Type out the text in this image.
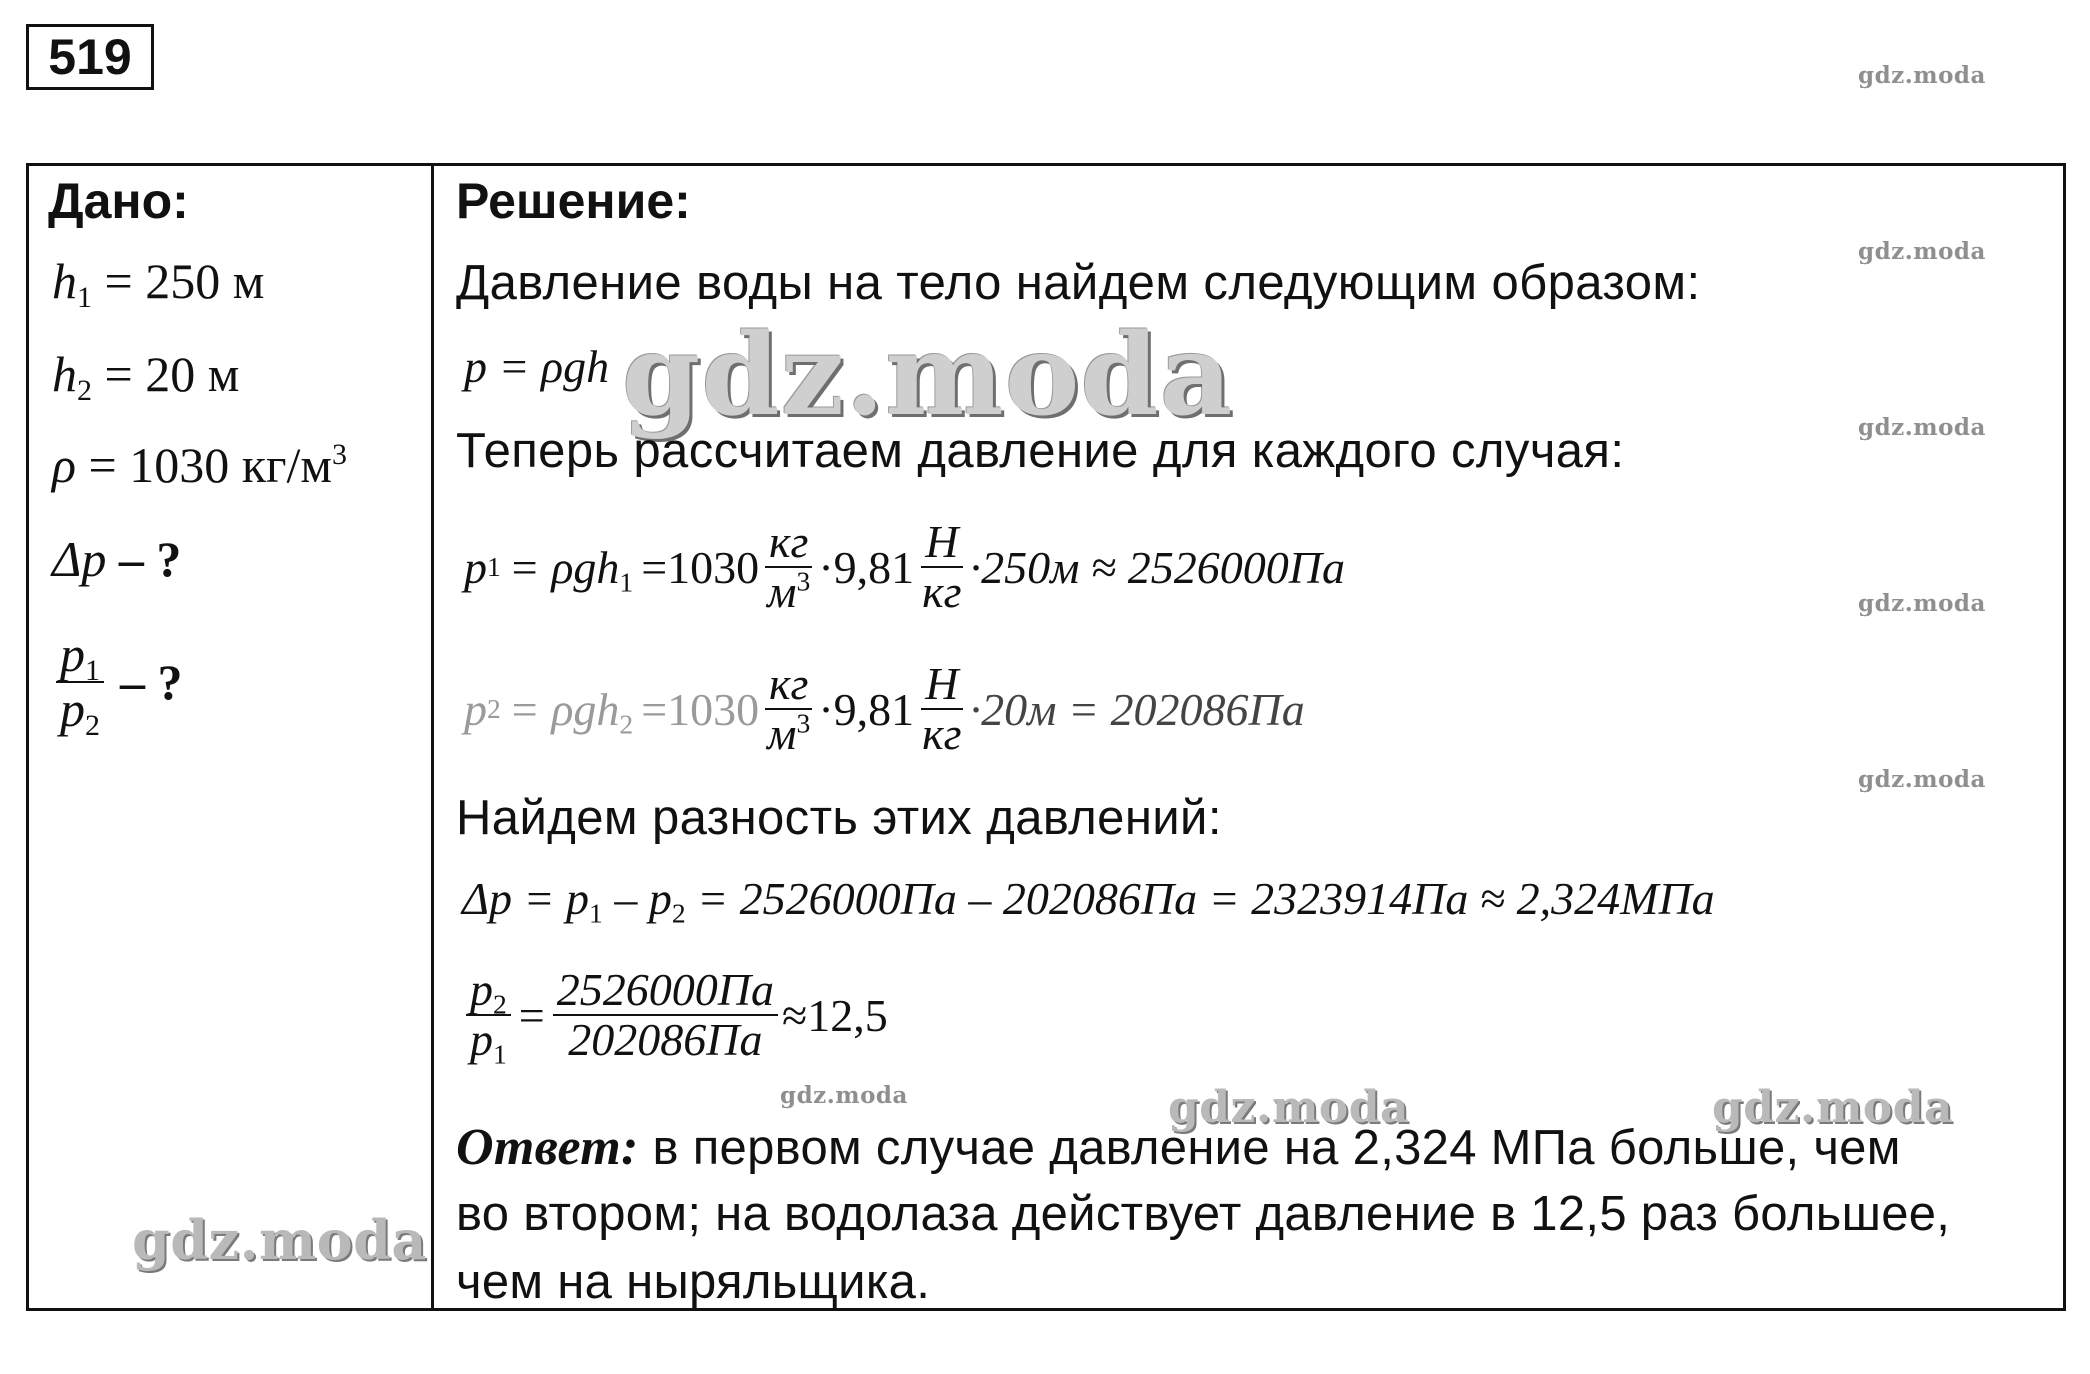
519	gdz.moda
Дано:
$h_1 = 250$ м
$h_2 = 20$ м
ρ = 1030 $кг/м^3$
Δp – ?
$\frac{p_1}{p_2}$ – ?
Решение:
gdz.moda
Давление воды на тело найдем следующим образом:
p = ρgh gdz.moda
Теперь рассчитаем давление для каждого случая:	gdz.moda
p $1 = \rho gh_1 =1030 \frac{кг}{м^3} \cdot 9,81 \frac{Н}{кг} \cdot 250м \approx 2526000Па$
gdz.moda
p $2 = \rho gh_2 =1030 \frac{кг}{м^3} \cdot 9,81 \frac{Н}{кг} \cdot 20м = 202086Па$
gdz.moda
Найдем разность этих давлений:
$\Delta p = p_1 - p_2 = 2526000Па - 202086Па = 2323914Па \approx 2,324МПа$
$\frac{p_2}{p_1} = \frac{2526000Па}{202086Па} \approx 12,5$
gdz.moda	gdz.moda	gdz.moda
gdz.moda
Ответ: в первом случае давление на 2,324 МПа больше, чем
во втором; на водолаза действует давление в 12,5 раз большее,
чем на ныряльщика.
